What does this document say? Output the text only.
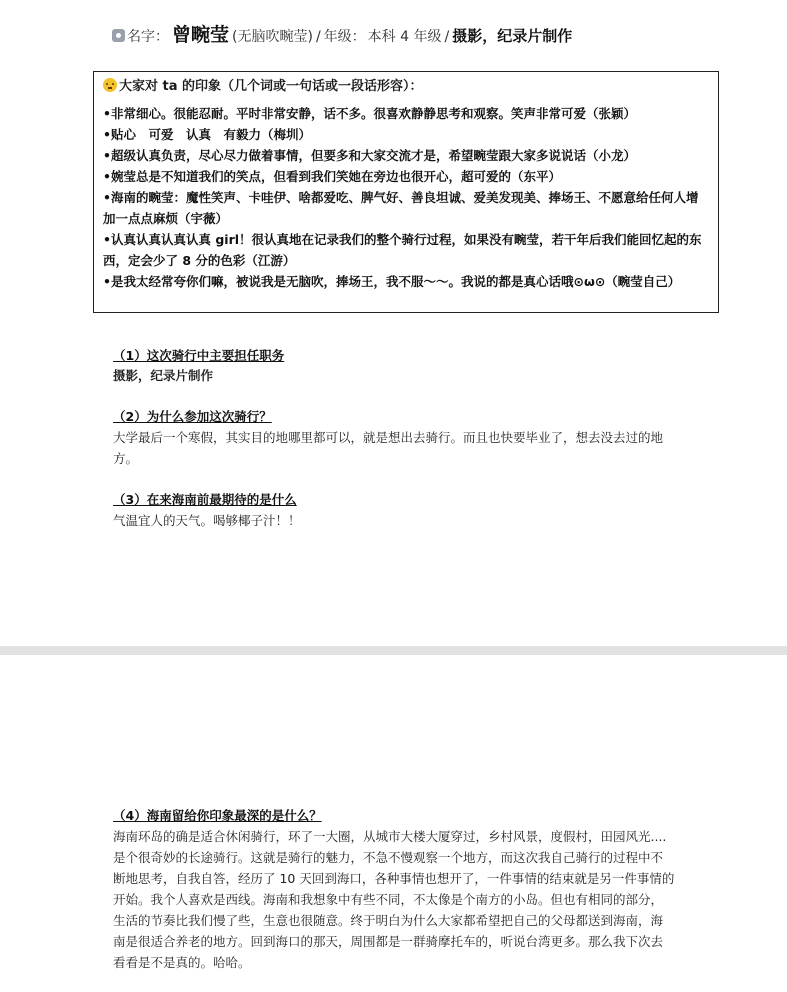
名字： 曾畹莹 (无脑吹畹莹) / 年级： 本科 4 年级 / 摄影，纪录片制作
大家对 ta 的印象（几个词或一句话或一段话形容）：
•非常细心。很能忍耐。平时非常安静，话不多。很喜欢静静思考和观察。笑声非常可爱（张颖）
•贴心　可爱　认真　有毅力（梅圳）
•超级认真负责，尽心尽力做着事情，但要多和大家交流才是，希望畹莹跟大家多说说话（小龙）
•婉莹总是不知道我们的笑点，但看到我们笑她在旁边也很开心，超可爱的（东平）
•海南的畹莹：魔性笑声、卡哇伊、啥都爱吃、脾气好、善良坦诚、爱美发现美、捧场王、不愿意给任何人增加一点点麻烦（宇薇）
•认真认真认真认真 girl！很认真地在记录我们的整个骑行过程，如果没有畹莹，若干年后我们能回忆起的东西，定会少了 8 分的色彩（江游）
•是我太经常夸你们嘛，被说我是无脑吹，捧场王，我不服〜〜。我说的都是真心话哦⊙ω⊙（畹莹自己）
（1）这次骑行中主要担任职务
摄影，纪录片制作
（2）为什么参加这次骑行？
大学最后一个寒假，其实目的地哪里都可以，就是想出去骑行。而且也快要毕业了，想去没去过的地方。
（3）在来海南前最期待的是什么
气温宜人的天气。喝够椰子汁！！
（4）海南留给你印象最深的是什么？
海南环岛的确是适合休闲骑行，环了一大圈，从城市大楼大厦穿过，乡村风景，度假村，田园风光....是个很奇妙的长途骑行。这就是骑行的魅力，不急不慢观察一个地方，而这次我自己骑行的过程中不断地思考，自我自答，经历了 10 天回到海口，各种事情也想开了，一件事情的结束就是另一件事情的开始。我个人喜欢是西线。海南和我想象中有些不同，不太像是个南方的小岛。但也有相同的部分，生活的节奏比我们慢了些，生意也很随意。终于明白为什么大家都希望把自己的父母都送到海南，海南是很适合养老的地方。回到海口的那天，周围都是一群骑摩托车的，听说台湾更多。那么我下次去看看是不是真的。哈哈。
